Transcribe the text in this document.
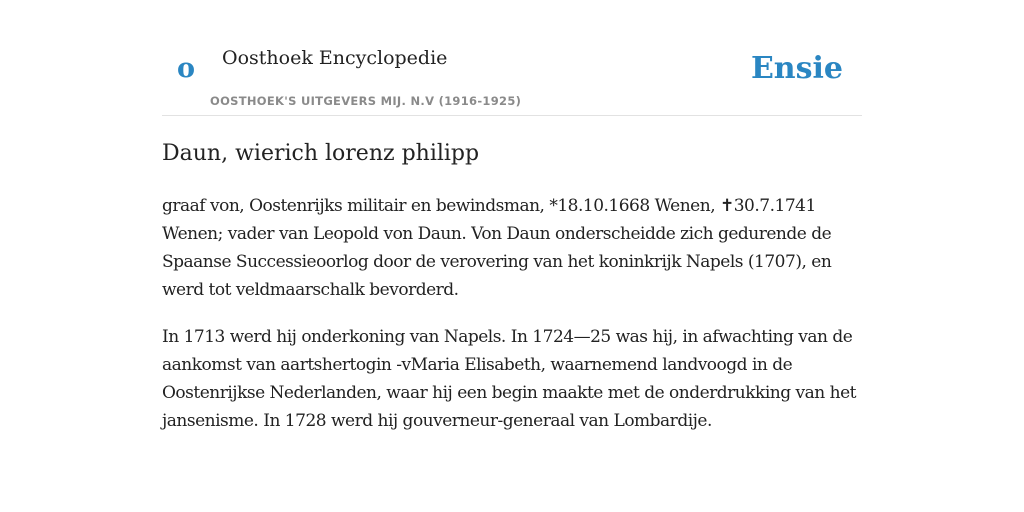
o Oosthoek Encyclopedie
OOSTHOEK'S UITGEVERS MIJ. N.V (1916-1925)
Ensie
Daun, wierich lorenz philipp

graaf von, Oostenrijks militair en bewindsman, *18.10.1668 Wenen, ✝30.7.1741 Wenen; vader van Leopold von Daun. Von Daun onderscheidde zich gedurende de Spaanse Successieoorlog door de verovering van het koninkrijk Napels (1707), en werd tot veldmaarschalk bevorderd.

In 1713 werd hij onderkoning van Napels. In 1724—25 was hij, in afwachting van de aankomst van aartshertogin -vMaria Elisabeth, waarnemend landvoogd in de Oostenrijkse Nederlanden, waar hij een begin maakte met de onderdrukking van het jansenisme. In 1728 werd hij gouverneur-generaal van Lombardije.
